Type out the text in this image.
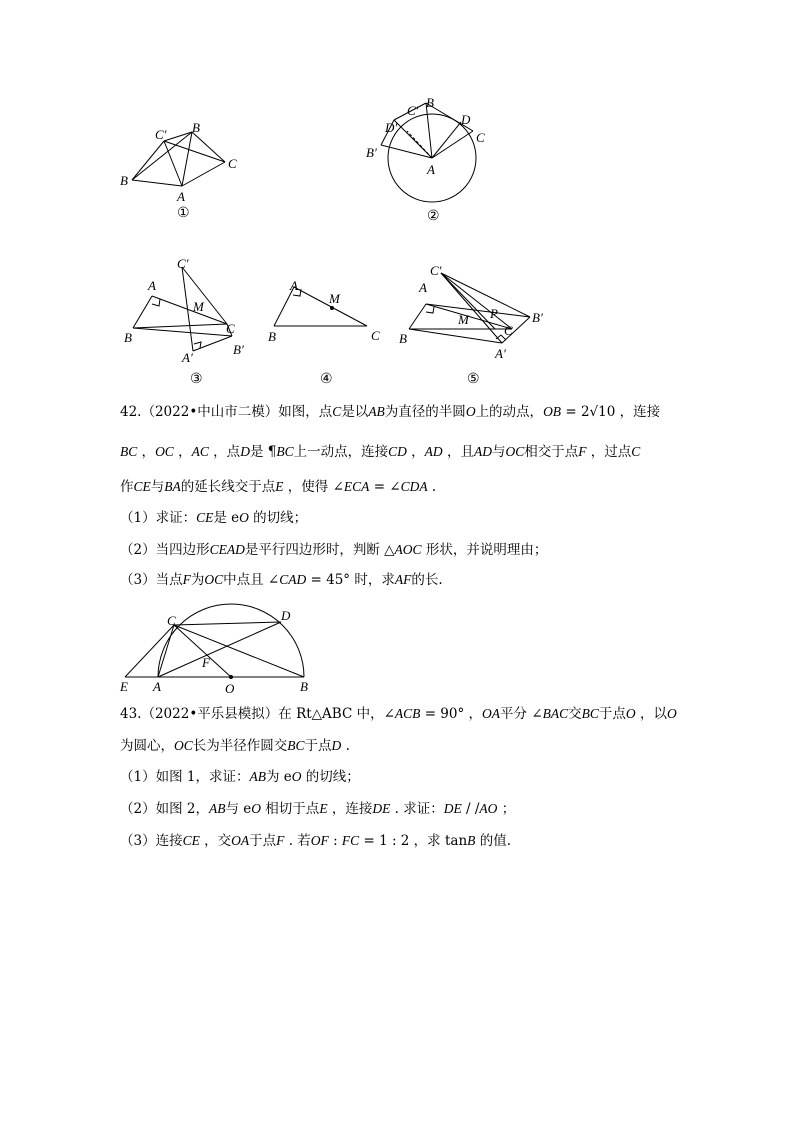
C′ B
B
C
A
①
B
C′
D
D′
C
B′
A
②
C′
A
M
C
B
B′
A′
③
A
M
B	C
④
C′
A
M P
C
B′
B
A′
⑤
42.（2022•中山市二模）如图，点C是以AB为直径的半圆O上的动点，OB = 2√10 ，连接
BC ，OC ，AC ，点D是 ¶BC上一动点，连接CD ，AD ，且AD与OC相交于点F ，过点C
作CE与BA的延长线交于点E ，使得 ∠ECA = ∠CDA .
（1）求证：CE是 eO 的切线；
（2）当四边形CEAD是平行四边形时，判断 △AOC 形状，并说明理由；
（3）当点F为OC中点且 ∠CAD = 45° 时，求AF的长.
C	D
F
E A	O	B
43.（2022•平乐县模拟）在 Rt△ABC 中，∠ACB = 90° ，OA平分 ∠BAC交BC于点O ，以O
为圆心，OC长为半径作圆交BC于点D .
（1）如图 1，求证：AB为 eO 的切线；
（2）如图 2，AB与 eO 相切于点E ，连接DE . 求证：DE / /AO ；
（3）连接CE ，交OA于点F . 若OF : FC = 1 : 2 ，求 tanB 的值.
